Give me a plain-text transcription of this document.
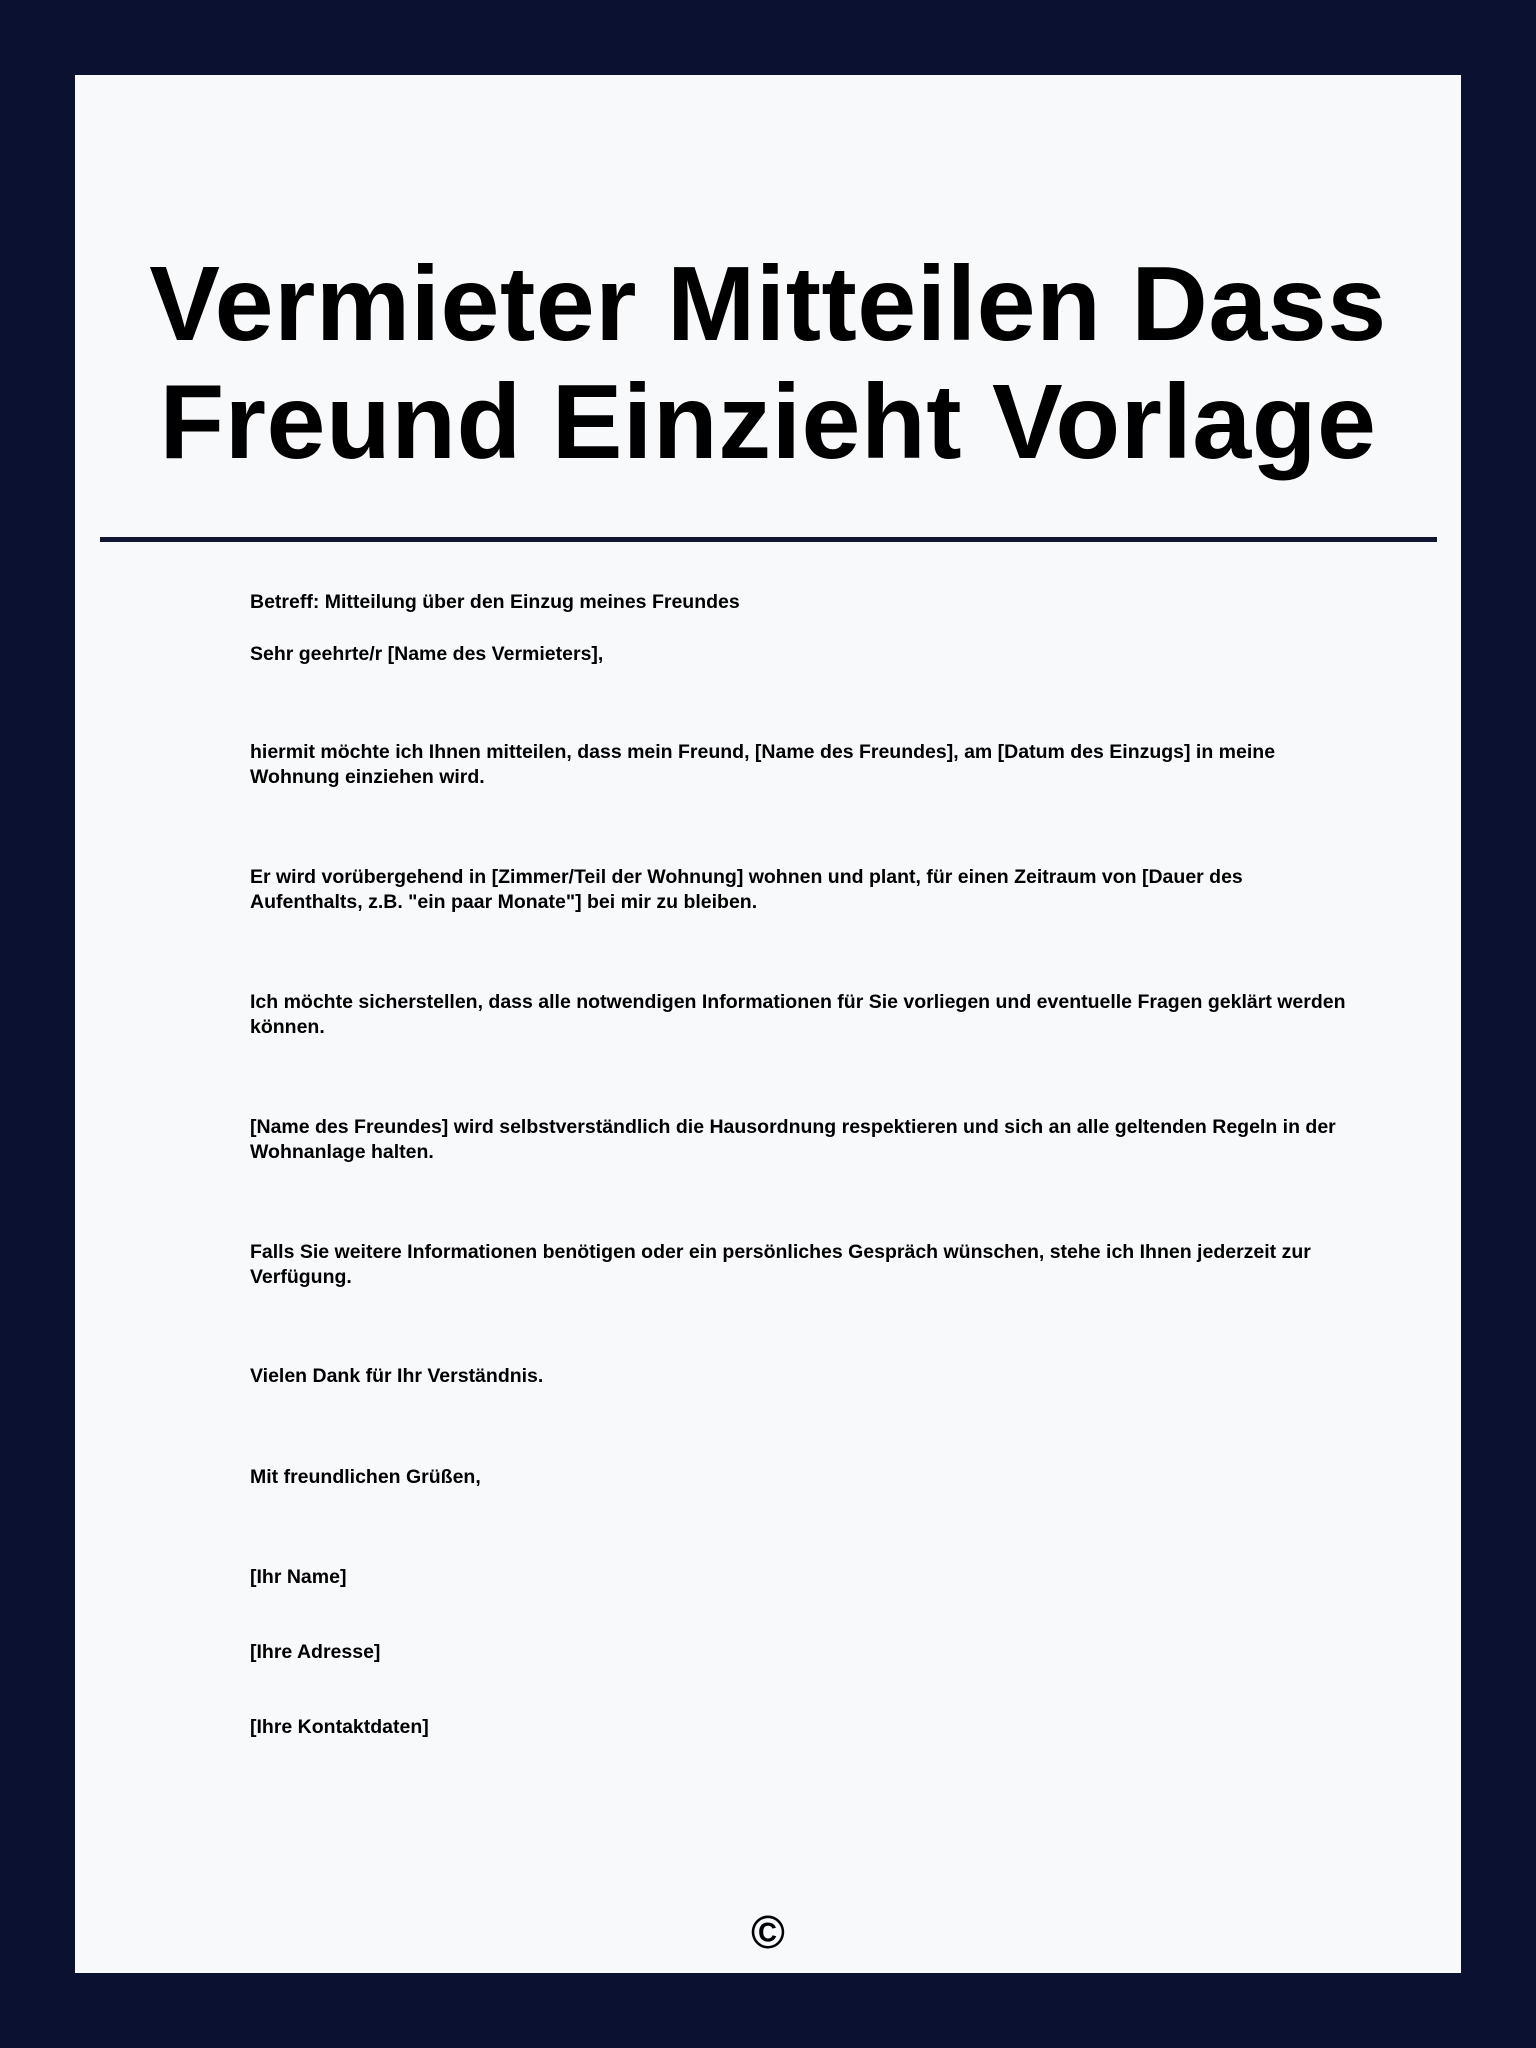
Vermieter Mitteilen Dass
Freund Einzieht Vorlage

Betreff: Mitteilung über den Einzug meines Freundes

Sehr geehrte/r [Name des Vermieters],

hiermit möchte ich Ihnen mitteilen, dass mein Freund, [Name des Freundes], am [Datum des Einzugs] in meine Wohnung einziehen wird.

Er wird vorübergehend in [Zimmer/Teil der Wohnung] wohnen und plant, für einen Zeitraum von [Dauer des Aufenthalts, z.B. "ein paar Monate"] bei mir zu bleiben.

Ich möchte sicherstellen, dass alle notwendigen Informationen für Sie vorliegen und eventuelle Fragen geklärt werden können.

[Name des Freundes] wird selbstverständlich die Hausordnung respektieren und sich an alle geltenden Regeln in der Wohnanlage halten.

Falls Sie weitere Informationen benötigen oder ein persönliches Gespräch wünschen, stehe ich Ihnen jederzeit zur Verfügung.

Vielen Dank für Ihr Verständnis.

Mit freundlichen Grüßen,

[Ihr Name]

[Ihre Adresse]

[Ihre Kontaktdaten]

©
